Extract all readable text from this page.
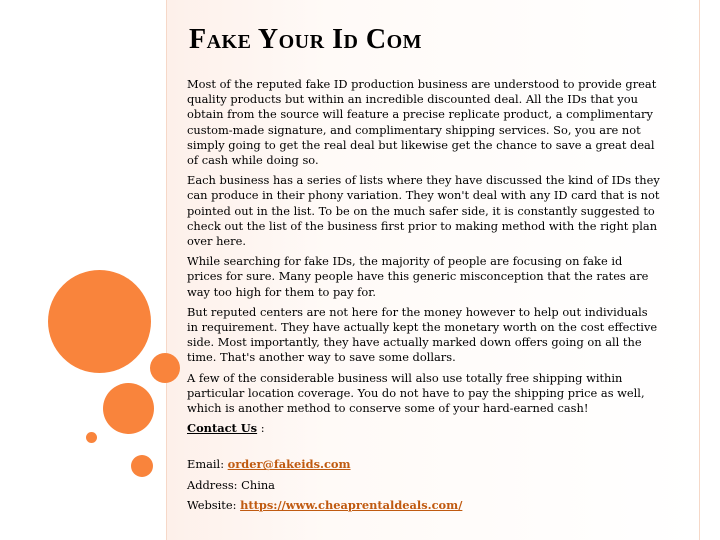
Fake Your Id Com

Most of the reputed fake ID production business are understood to provide great quality products but within an incredible discounted deal. All the IDs that you obtain from the source will feature a precise replicate product, a complimentary custom-made signature, and complimentary shipping services. So, you are not simply going to get the real deal but likewise get the chance to save a great deal of cash while doing so.

Each business has a series of lists where they have discussed the kind of IDs they can produce in their phony variation. They won't deal with any ID card that is not pointed out in the list. To be on the much safer side, it is constantly suggested to check out the list of the business first prior to making method with the right plan over here.

While searching for fake IDs, the majority of people are focusing on fake id prices for sure. Many people have this generic misconception that the rates are way too high for them to pay for.

But reputed centers are not here for the money however to help out individuals in requirement. They have actually kept the monetary worth on the cost effective side. Most importantly, they have actually marked down offers going on all the time. That's another way to save some dollars.

A few of the considerable business will also use totally free shipping within particular location coverage. You do not have to pay the shipping price as well, which is another method to conserve some of your hard-earned cash!

Contact Us :
Email: order@fakeids.com
Address: China
Website: https://www.cheaprentaldeals.com/
